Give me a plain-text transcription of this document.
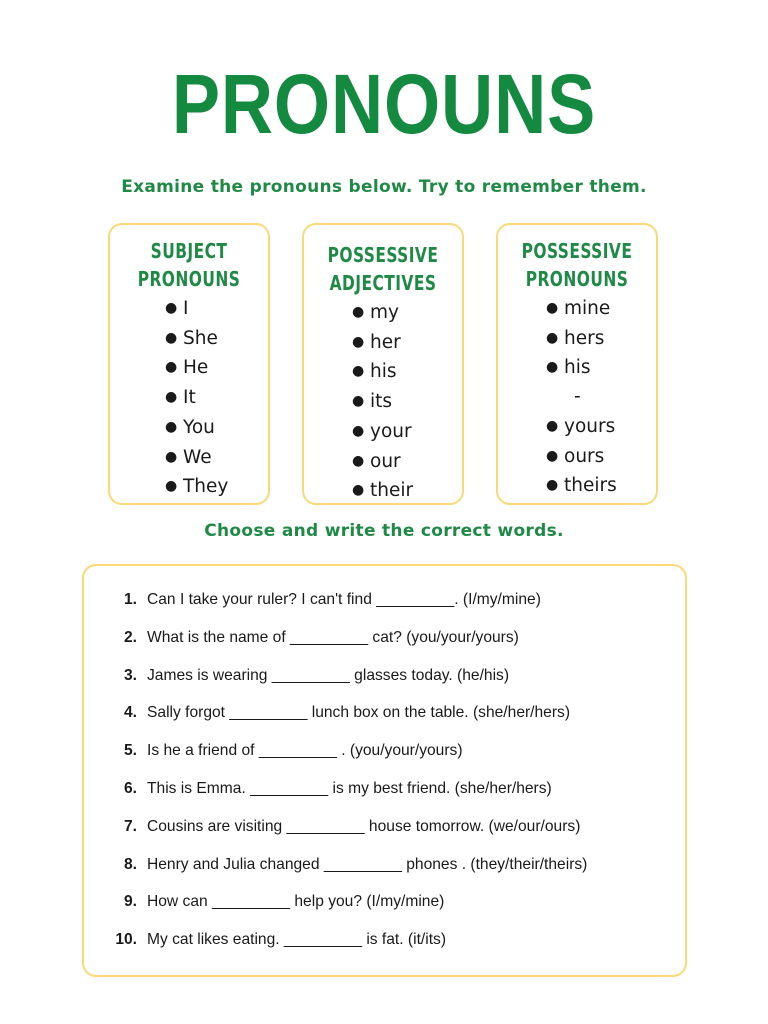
PRONOUNS
Examine the pronouns below. Try to remember them.
SUBJECT
PRONOUNS
● I
● She
● He
● It
● You
● We
● They
POSSESSIVE
ADJECTIVES
● my
● her
● his
● its
● your
● our
● their
POSSESSIVE
PRONOUNS
● mine
● hers
● his
-
● yours
● ours
● theirs
Choose and write the correct words.
1. Can I take your ruler? I can't find _________. (I/my/mine)
2. What is the name of _________ cat? (you/your/yours)
3. James is wearing _________ glasses today. (he/his)
4. Sally forgot _________ lunch box on the table. (she/her/hers)
5. Is he a friend of _________ . (you/your/yours)
6. This is Emma. _________ is my best friend. (she/her/hers)
7. Cousins are visiting _________ house tomorrow. (we/our/ours)
8. Henry and Julia changed _________ phones . (they/their/theirs)
9. How can _________ help you? (I/my/mine)
10. My cat likes eating. _________ is fat. (it/its)
